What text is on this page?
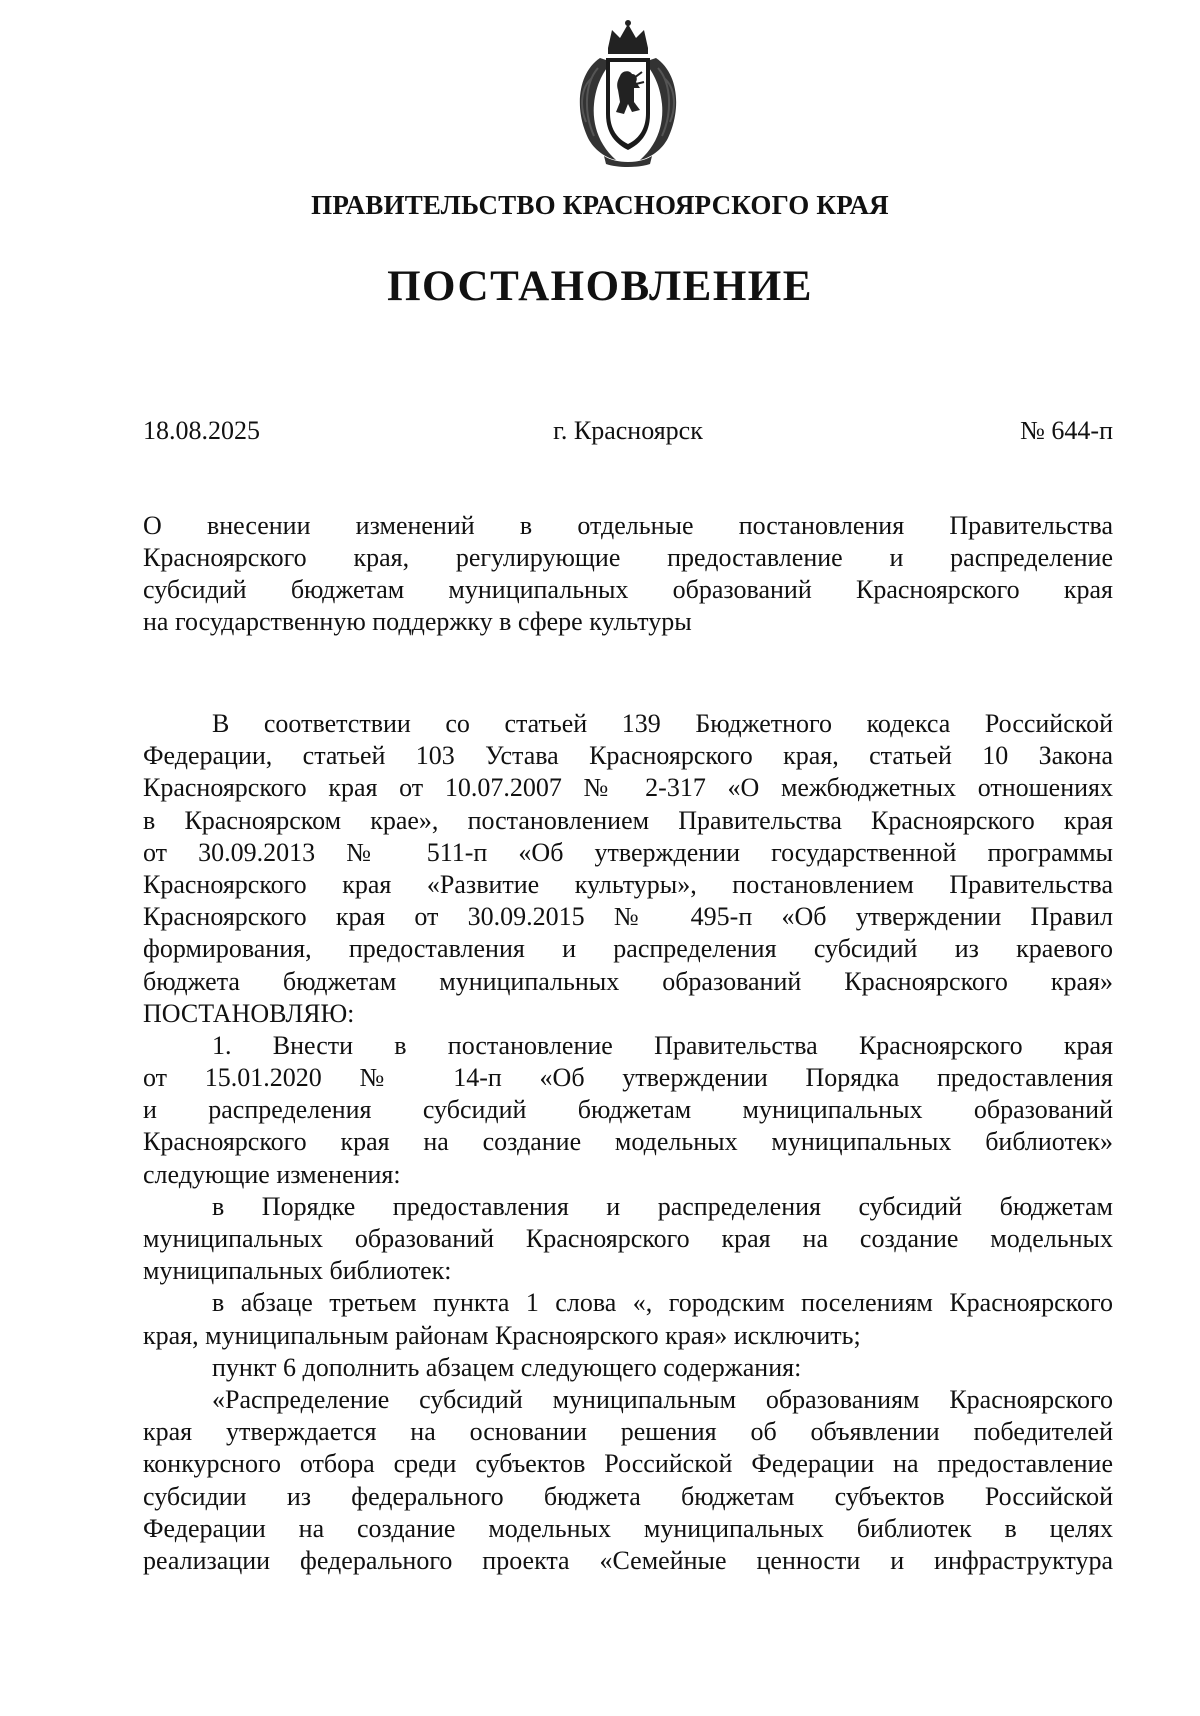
ПРАВИТЕЛЬСТВО КРАСНОЯРСКОГО КРАЯ
ПОСТАНОВЛЕНИЕ
18.08.2025	г. Красноярск	№ 644-п
О внесении изменений в отдельные постановления Правительства
Красноярского края, регулирующие предоставление и распределение
субсидий бюджетам муниципальных образований Красноярского края
на государственную поддержку в сфере культуры

В соответствии со статьей 139 Бюджетного кодекса Российской
Федерации, статьей 103 Устава Красноярского края, статьей 10 Закона
Красноярского края от 10.07.2007 № 2-317 «О межбюджетных отношениях
в Красноярском крае», постановлением Правительства Красноярского края
от 30.09.2013 № 511-п «Об утверждении государственной программы
Красноярского края «Развитие культуры», постановлением Правительства
Красноярского края от 30.09.2015 № 495-п «Об утверждении Правил
формирования, предоставления и распределения субсидий из краевого
бюджета бюджетам муниципальных образований Красноярского края»
ПОСТАНОВЛЯЮ:

1. Внести в постановление Правительства Красноярского края
от 15.01.2020 № 14-п «Об утверждении Порядка предоставления
и распределения субсидий бюджетам муниципальных образований
Красноярского края на создание модельных муниципальных библиотек»
следующие изменения:

в Порядке предоставления и распределения субсидий бюджетам
муниципальных образований Красноярского края на создание модельных
муниципальных библиотек:

в абзаце третьем пункта 1 слова «, городским поселениям Красноярского
края, муниципальным районам Красноярского края» исключить;

пункт 6 дополнить абзацем следующего содержания:

«Распределение субсидий муниципальным образованиям Красноярского
края утверждается на основании решения об объявлении победителей
конкурсного отбора среди субъектов Российской Федерации на предоставление
субсидии из федерального бюджета бюджетам субъектов Российской
Федерации на создание модельных муниципальных библиотек в целях
реализации федерального проекта «Семейные ценности и инфраструктура
